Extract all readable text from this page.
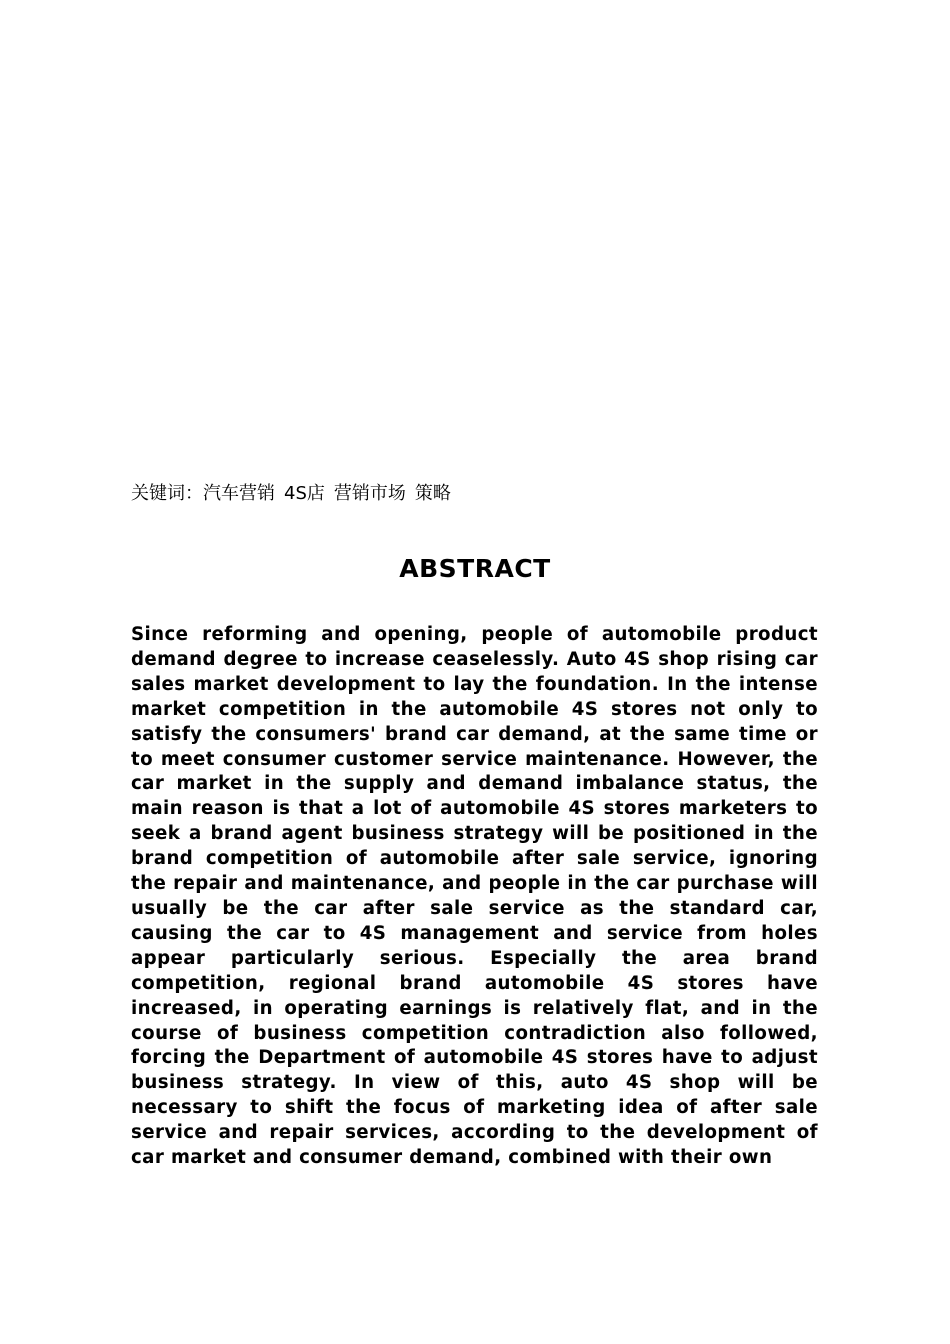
关键词：汽车营销 4S店 营销市场 策略
ABSTRACT

Since reforming and opening, people of automobile product demand degree to increase ceaselessly. Auto 4S shop rising car sales market development to lay the foundation. In the intense market competition in the automobile 4S stores not only to satisfy the consumers' brand car demand, at the same time or to meet consumer customer service maintenance. However, the car market in the supply and demand imbalance status, the main reason is that a lot of automobile 4S stores marketers to seek a brand agent business strategy will be positioned in the brand competition of automobile after sale service, ignoring the repair and maintenance, and people in the car purchase will usually be the car after sale service as the standard car, causing the car to 4S management and service from holes appear particularly serious. Especially the area brand competition, regional brand automobile 4S stores have increased, in operating earnings is relatively flat, and in the course of business competition contradiction also followed, forcing the Department of automobile 4S stores have to adjust business strategy. In view of this, auto 4S shop will be necessary to shift the focus of marketing idea of after sale service and repair services, according to the development of car market and consumer demand, combined with their own
